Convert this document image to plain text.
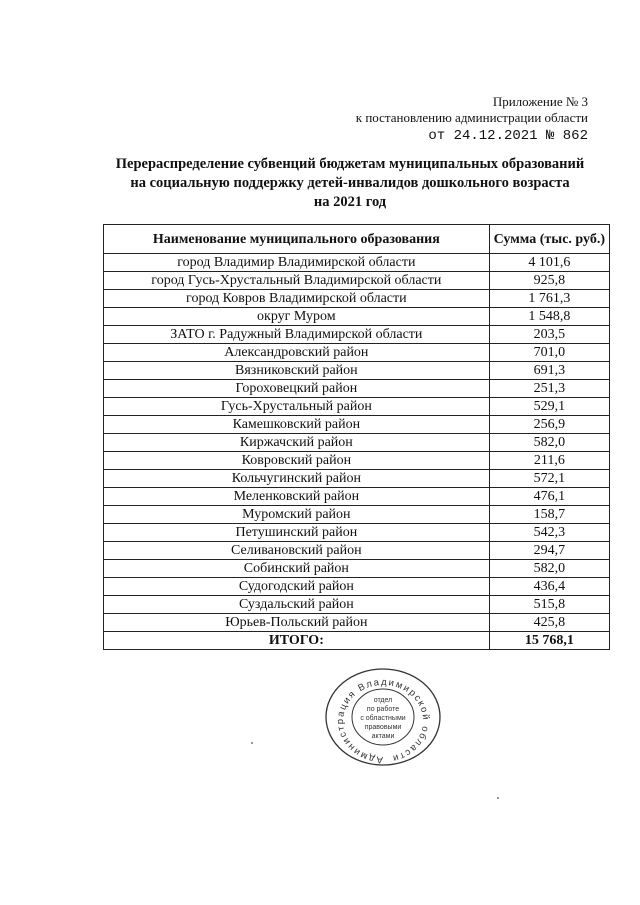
Приложение № 3
к постановлению администрации области
от 24.12.2021 № 862
Перераспределение субвенций бюджетам муниципальных образований
на социальную поддержку детей-инвалидов дошкольного возраста
на 2021 год
Наименование муниципального образования	Сумма (тыс. руб.)
город Владимир Владимирской области	4 101,6
город Гусь-Хрустальный Владимирской области	925,8
город Ковров Владимирской области	1 761,3
округ Муром	1 548,8
ЗАТО г. Радужный Владимирской области	203,5
Александровский район	701,0
Вязниковский район	691,3
Гороховецкий район	251,3
Гусь-Хрустальный район	529,1
Камешковский район	256,9
Киржачский район	582,0
Ковровский район	211,6
Кольчугинский район	572,1
Меленковский район	476,1
Муромский район	158,7
Петушинский район	542,3
Селивановский район	294,7
Собинский район	582,0
Судогодский район	436,4
Суздальский район	515,8
Юрьев-Польский район	425,8
ИТОГО:	15 768,1
Администрация Владимирской области
отдел
по работе
с областными
правовыми
актами
